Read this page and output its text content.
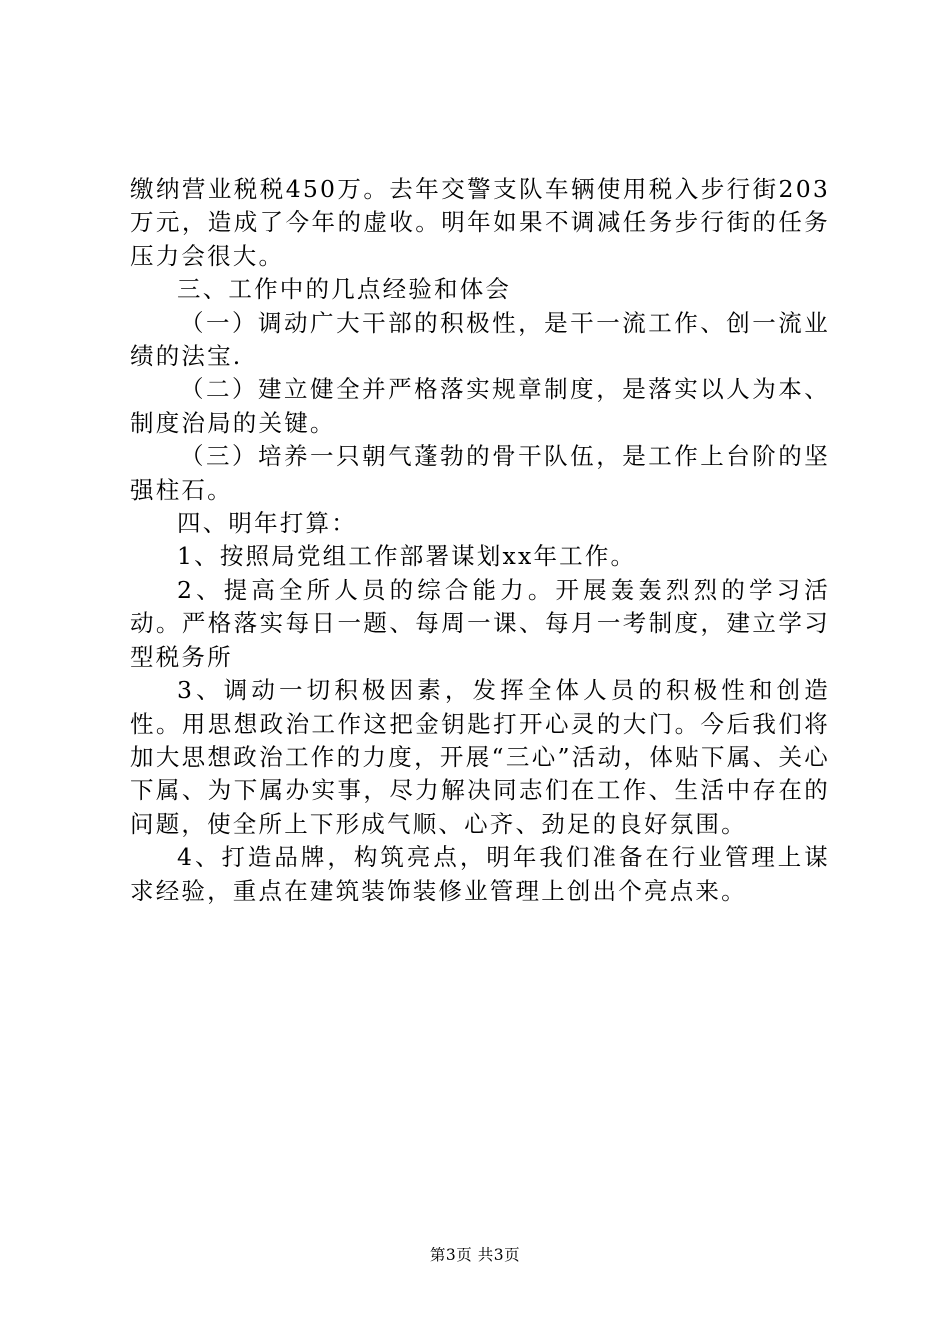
缴纳营业税税450万。去年交警支队车辆使用税入步行街203万元，造成了今年的虚收。明年如果不调减任务步行街的任务压力会很大。

三、工作中的几点经验和体会

（一）调动广大干部的积极性，是干一流工作、创一流业绩的法宝.

（二）建立健全并严格落实规章制度，是落实以人为本、制度治局的关键。

（三）培养一只朝气蓬勃的骨干队伍，是工作上台阶的坚强柱石。

四、明年打算：

1、按照局党组工作部署谋划xx年工作。

2、提高全所人员的综合能力。开展轰轰烈烈的学习活动。严格落实每日一题、每周一课、每月一考制度，建立学习型税务所

3、调动一切积极因素，发挥全体人员的积极性和创造性。用思想政治工作这把金钥匙打开心灵的大门。今后我们将加大思想政治工作的力度，开展“三心”活动，体贴下属、关心下属、为下属办实事，尽力解决同志们在工作、生活中存在的问题，使全所上下形成气顺、心齐、劲足的良好氛围。

4、打造品牌，构筑亮点，明年我们准备在行业管理上谋求经验，重点在建筑装饰装修业管理上创出个亮点来。

第3页 共3页
